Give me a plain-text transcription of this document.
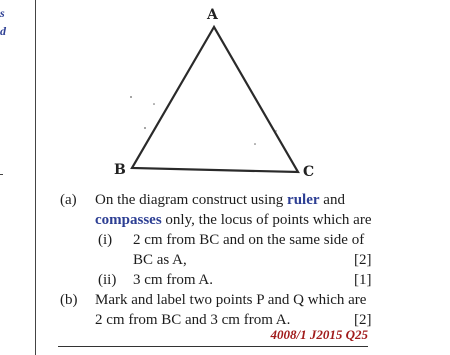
s
d
A
B	C
(a) On the diagram construct using ruler and
compasses only, the locus of points which are
(i) 2 cm from BC and on the same side of
BC as A,	[2]
(ii) 3 cm from A.	[1]
(b) Mark and label two points P and Q which are
2 cm from BC and 3 cm from A.	[2]
4008/1 J2015 Q25
